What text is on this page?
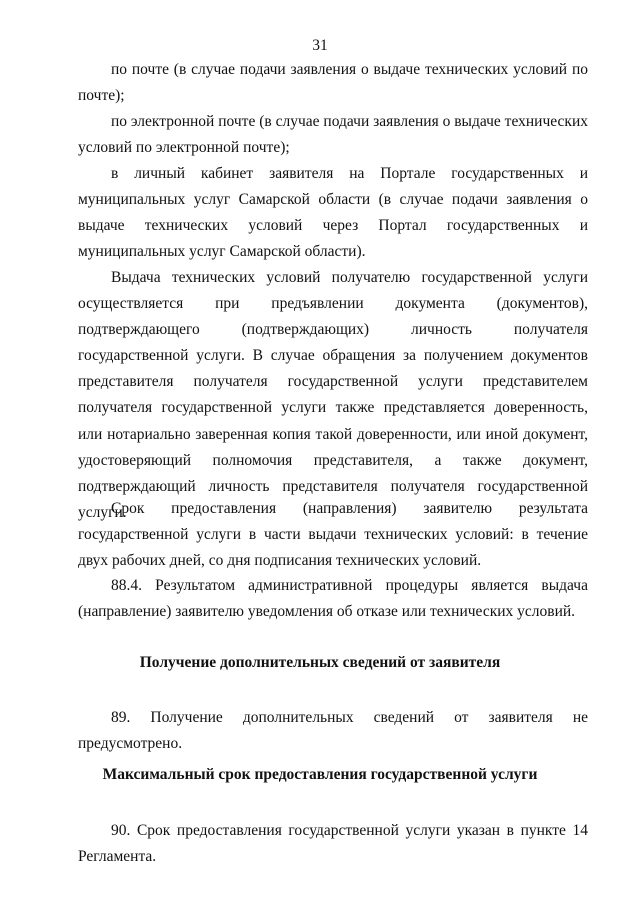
31

по почте (в случае подачи заявления о выдаче технических условий по почте);

по электронной почте (в случае подачи заявления о выдаче технических условий по электронной почте);

в личный кабинет заявителя на Портале государственных и муниципальных услуг Самарской области (в случае подачи заявления о выдаче технических условий через Портал государственных и муниципальных услуг Самарской области).

Выдача технических условий получателю государственной услуги осуществляется при предъявлении документа (документов), подтверждающего (подтверждающих) личность получателя государственной услуги. В случае обращения за получением документов представителя получателя государственной услуги представителем получателя государственной услуги также представляется доверенность, или нотариально заверенная копия такой доверенности, или иной документ, удостоверяющий полномочия представителя, а также документ, подтверждающий личность представителя получателя государственной услуги.

Срок предоставления (направления) заявителю результата государственной услуги в части выдачи технических условий: в течение двух рабочих дней, со дня подписания технических условий.

88.4. Результатом административной процедуры является выдача (направление) заявителю уведомления об отказе или технических условий.

Получение дополнительных сведений от заявителя

89. Получение дополнительных сведений от заявителя не предусмотрено.

Максимальный срок предоставления государственной услуги

90. Срок предоставления государственной услуги указан в пункте 14 Регламента.
